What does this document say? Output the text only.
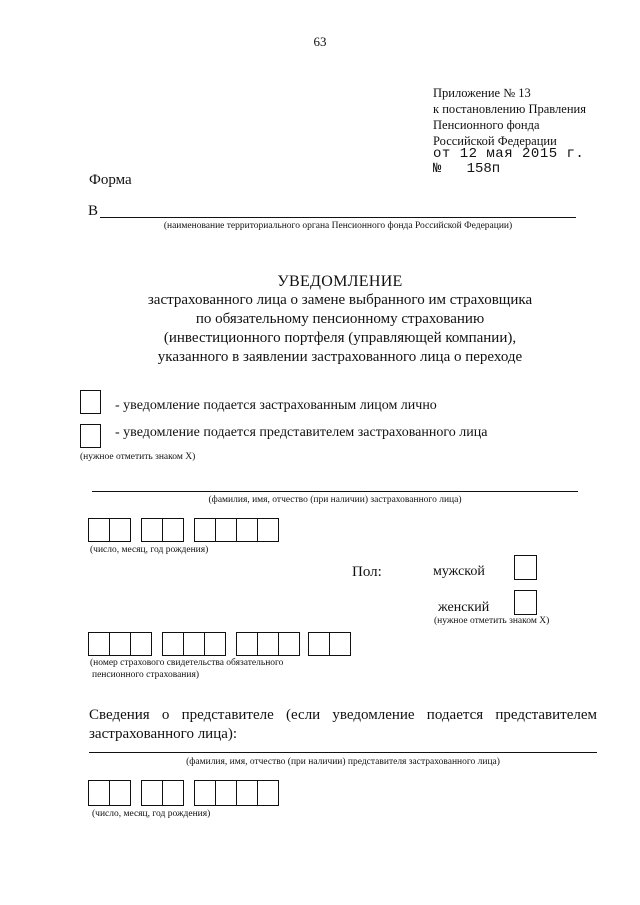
63
Приложение № 13
к постановлению Правления
Пенсионного фонда
Российской Федерации
от 12 мая 2015 г.
№   158п
Форма
В
(наименование территориального органа Пенсионного фонда Российской Федерации)
УВЕДОМЛЕНИЕ
застрахованного лица о замене выбранного им страховщика
по обязательному пенсионному страхованию
(инвестиционного портфеля (управляющей компании),
указанного в заявлении застрахованного лица о переходе
- уведомление подается застрахованным лицом лично
- уведомление подается представителем застрахованного лица
(нужное отметить знаком Х)
(фамилия, имя, отчество (при наличии) застрахованного лица)
(число, месяц, год рождения)
Пол:	мужской
женский
(нужное отметить знаком Х)
(номер страхового свидетельства обязательного
пенсионного страхования)
Сведения о представителе (если уведомление подается представителем застрахованного лица):
(фамилия, имя, отчество (при наличии) представителя застрахованного лица)
(число, месяц, год рождения)
